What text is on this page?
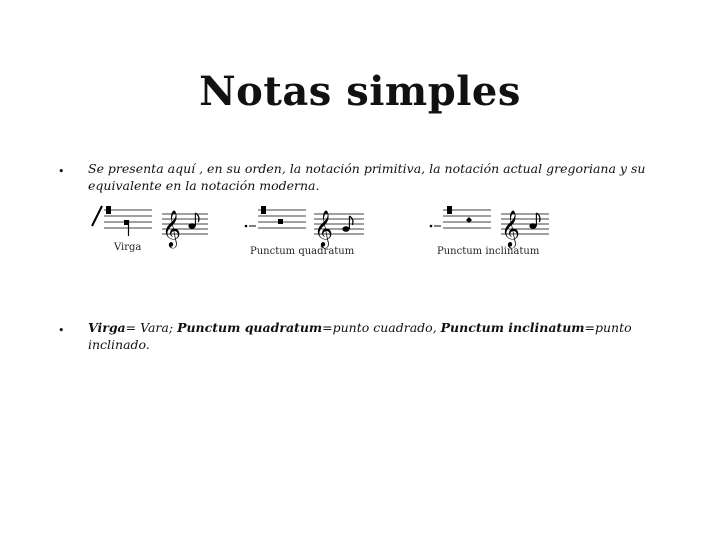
Notas simples
• Se presenta aquí , en su orden, la notación primitiva, la notación actual gregoriana y su equivalente en la notación moderna.
𝄞
Virga
𝄞
Punctum quadratum
𝄞
Punctum inclinatum
• Virga= Vara; Punctum quadratum=punto cuadrado, Punctum inclinatum=punto inclinado.
